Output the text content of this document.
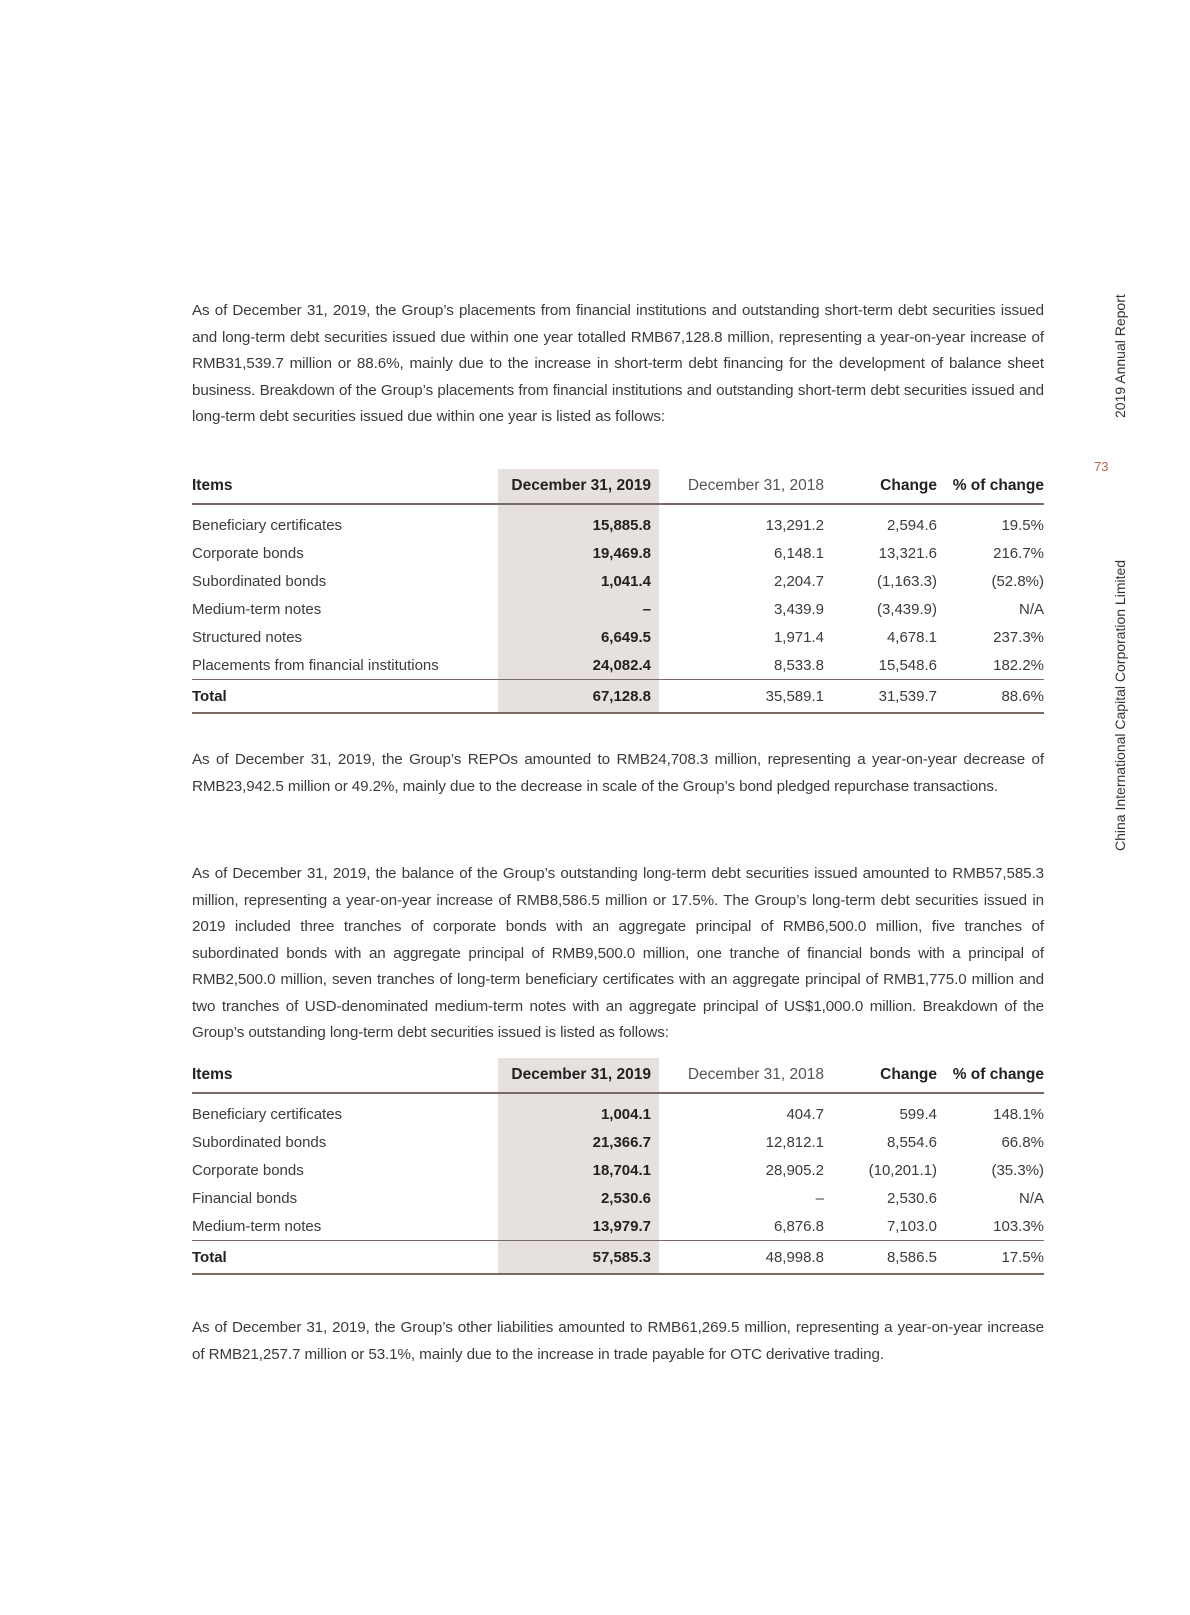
2019 Annual Report
73
China International Capital Corporation Limited

As of December 31, 2019, the Group’s placements from financial institutions and outstanding short-term debt securities issued and long-term debt securities issued due within one year totalled RMB67,128.8 million, representing a year-on-year increase of RMB31,539.7 million or 88.6%, mainly due to the increase in short-term debt financing for the development of balance sheet business. Breakdown of the Group’s placements from financial institutions and outstanding short-term debt securities issued and long-term debt securities issued due within one year is listed as follows:

Items	December 31, 2019	December 31, 2018	Change	% of change
Beneficiary certificates	15,885.8	13,291.2	2,594.6	19.5%
Corporate bonds	19,469.8	6,148.1	13,321.6	216.7%
Subordinated bonds	1,041.4	2,204.7	(1,163.3)	(52.8%)
Medium-term notes	–	3,439.9	(3,439.9)	N/A
Structured notes	6,649.5	1,971.4	4,678.1	237.3%
Placements from financial institutions	24,082.4	8,533.8	15,548.6	182.2%
Total	67,128.8	35,589.1	31,539.7	88.6%

As of December 31, 2019, the Group’s REPOs amounted to RMB24,708.3 million, representing a year-on-year decrease of RMB23,942.5 million or 49.2%, mainly due to the decrease in scale of the Group’s bond pledged repurchase transactions.

As of December 31, 2019, the balance of the Group’s outstanding long-term debt securities issued amounted to RMB57,585.3 million, representing a year-on-year increase of RMB8,586.5 million or 17.5%. The Group’s long-term debt securities issued in 2019 included three tranches of corporate bonds with an aggregate principal of RMB6,500.0 million, five tranches of subordinated bonds with an aggregate principal of RMB9,500.0 million, one tranche of financial bonds with a principal of RMB2,500.0 million, seven tranches of long-term beneficiary certificates with an aggregate principal of RMB1,775.0 million and two tranches of USD-denominated medium-term notes with an aggregate principal of US$1,000.0 million. Breakdown of the Group’s outstanding long-term debt securities issued is listed as follows:

Items	December 31, 2019	December 31, 2018	Change	% of change
Beneficiary certificates	1,004.1	404.7	599.4	148.1%
Subordinated bonds	21,366.7	12,812.1	8,554.6	66.8%
Corporate bonds	18,704.1	28,905.2	(10,201.1)	(35.3%)
Financial bonds	2,530.6	–	2,530.6	N/A
Medium-term notes	13,979.7	6,876.8	7,103.0	103.3%
Total	57,585.3	48,998.8	8,586.5	17.5%

As of December 31, 2019, the Group’s other liabilities amounted to RMB61,269.5 million, representing a year-on-year increase of RMB21,257.7 million or 53.1%, mainly due to the increase in trade payable for OTC derivative trading.
